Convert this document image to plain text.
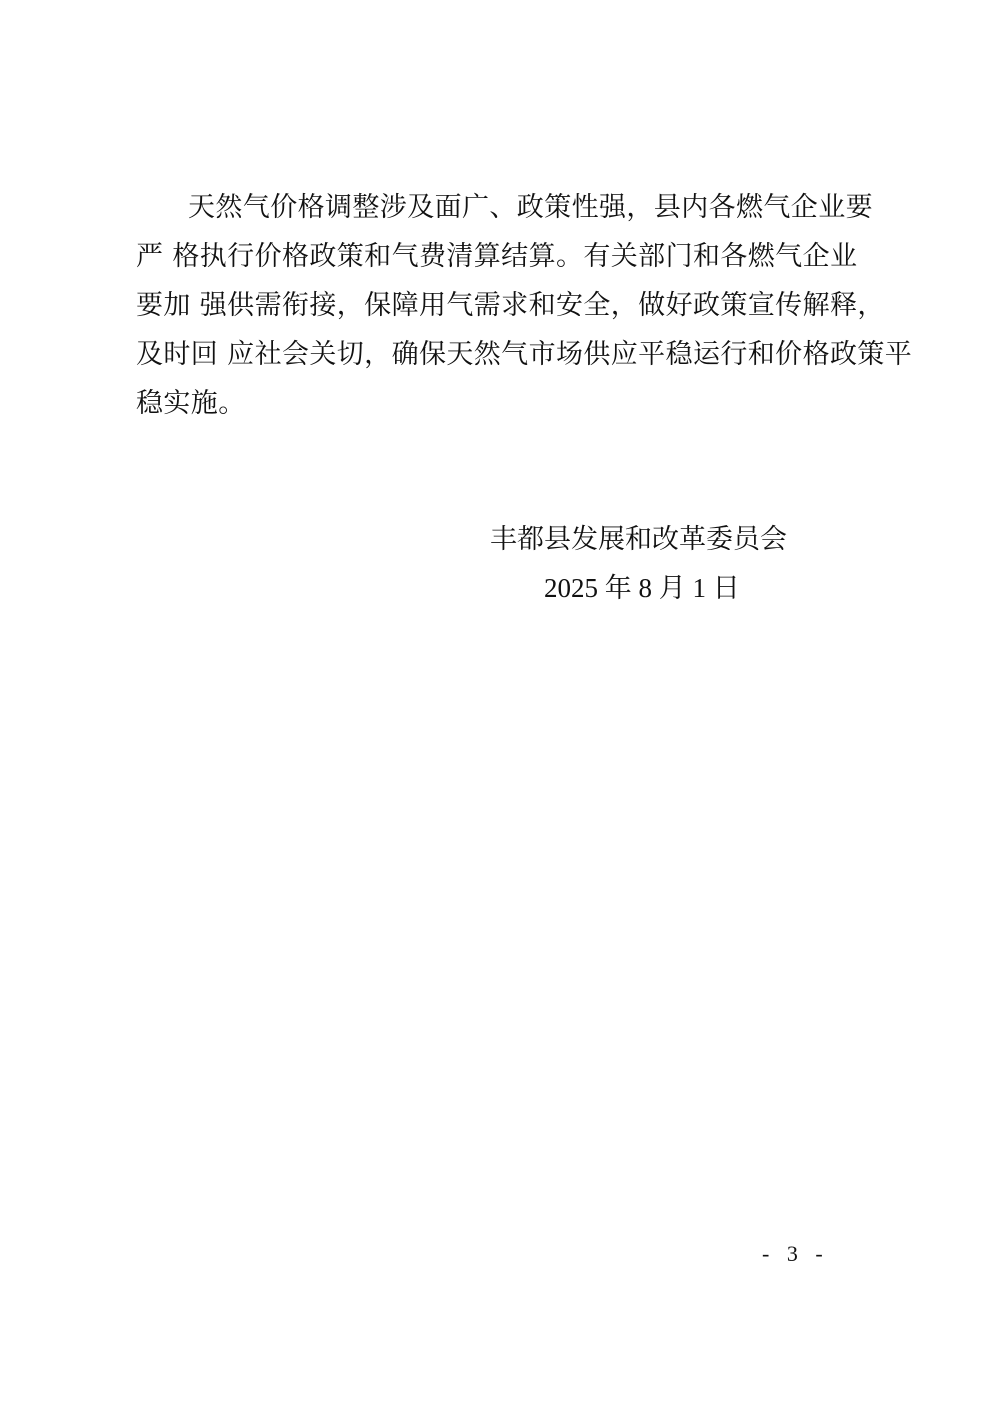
天然气价格调整涉及面广、政策性强，县内各燃气企业要
严 格执行价格政策和气费清算结算。有关部门和各燃气企业
要加 强供需衔接，保障用气需求和安全，做好政策宣传解释，
及时回 应社会关切，确保天然气市场供应平稳运行和价格政策平
稳实施。
丰都县发展和改革委员会
2025 年 8 月 1 日
- 3 -
